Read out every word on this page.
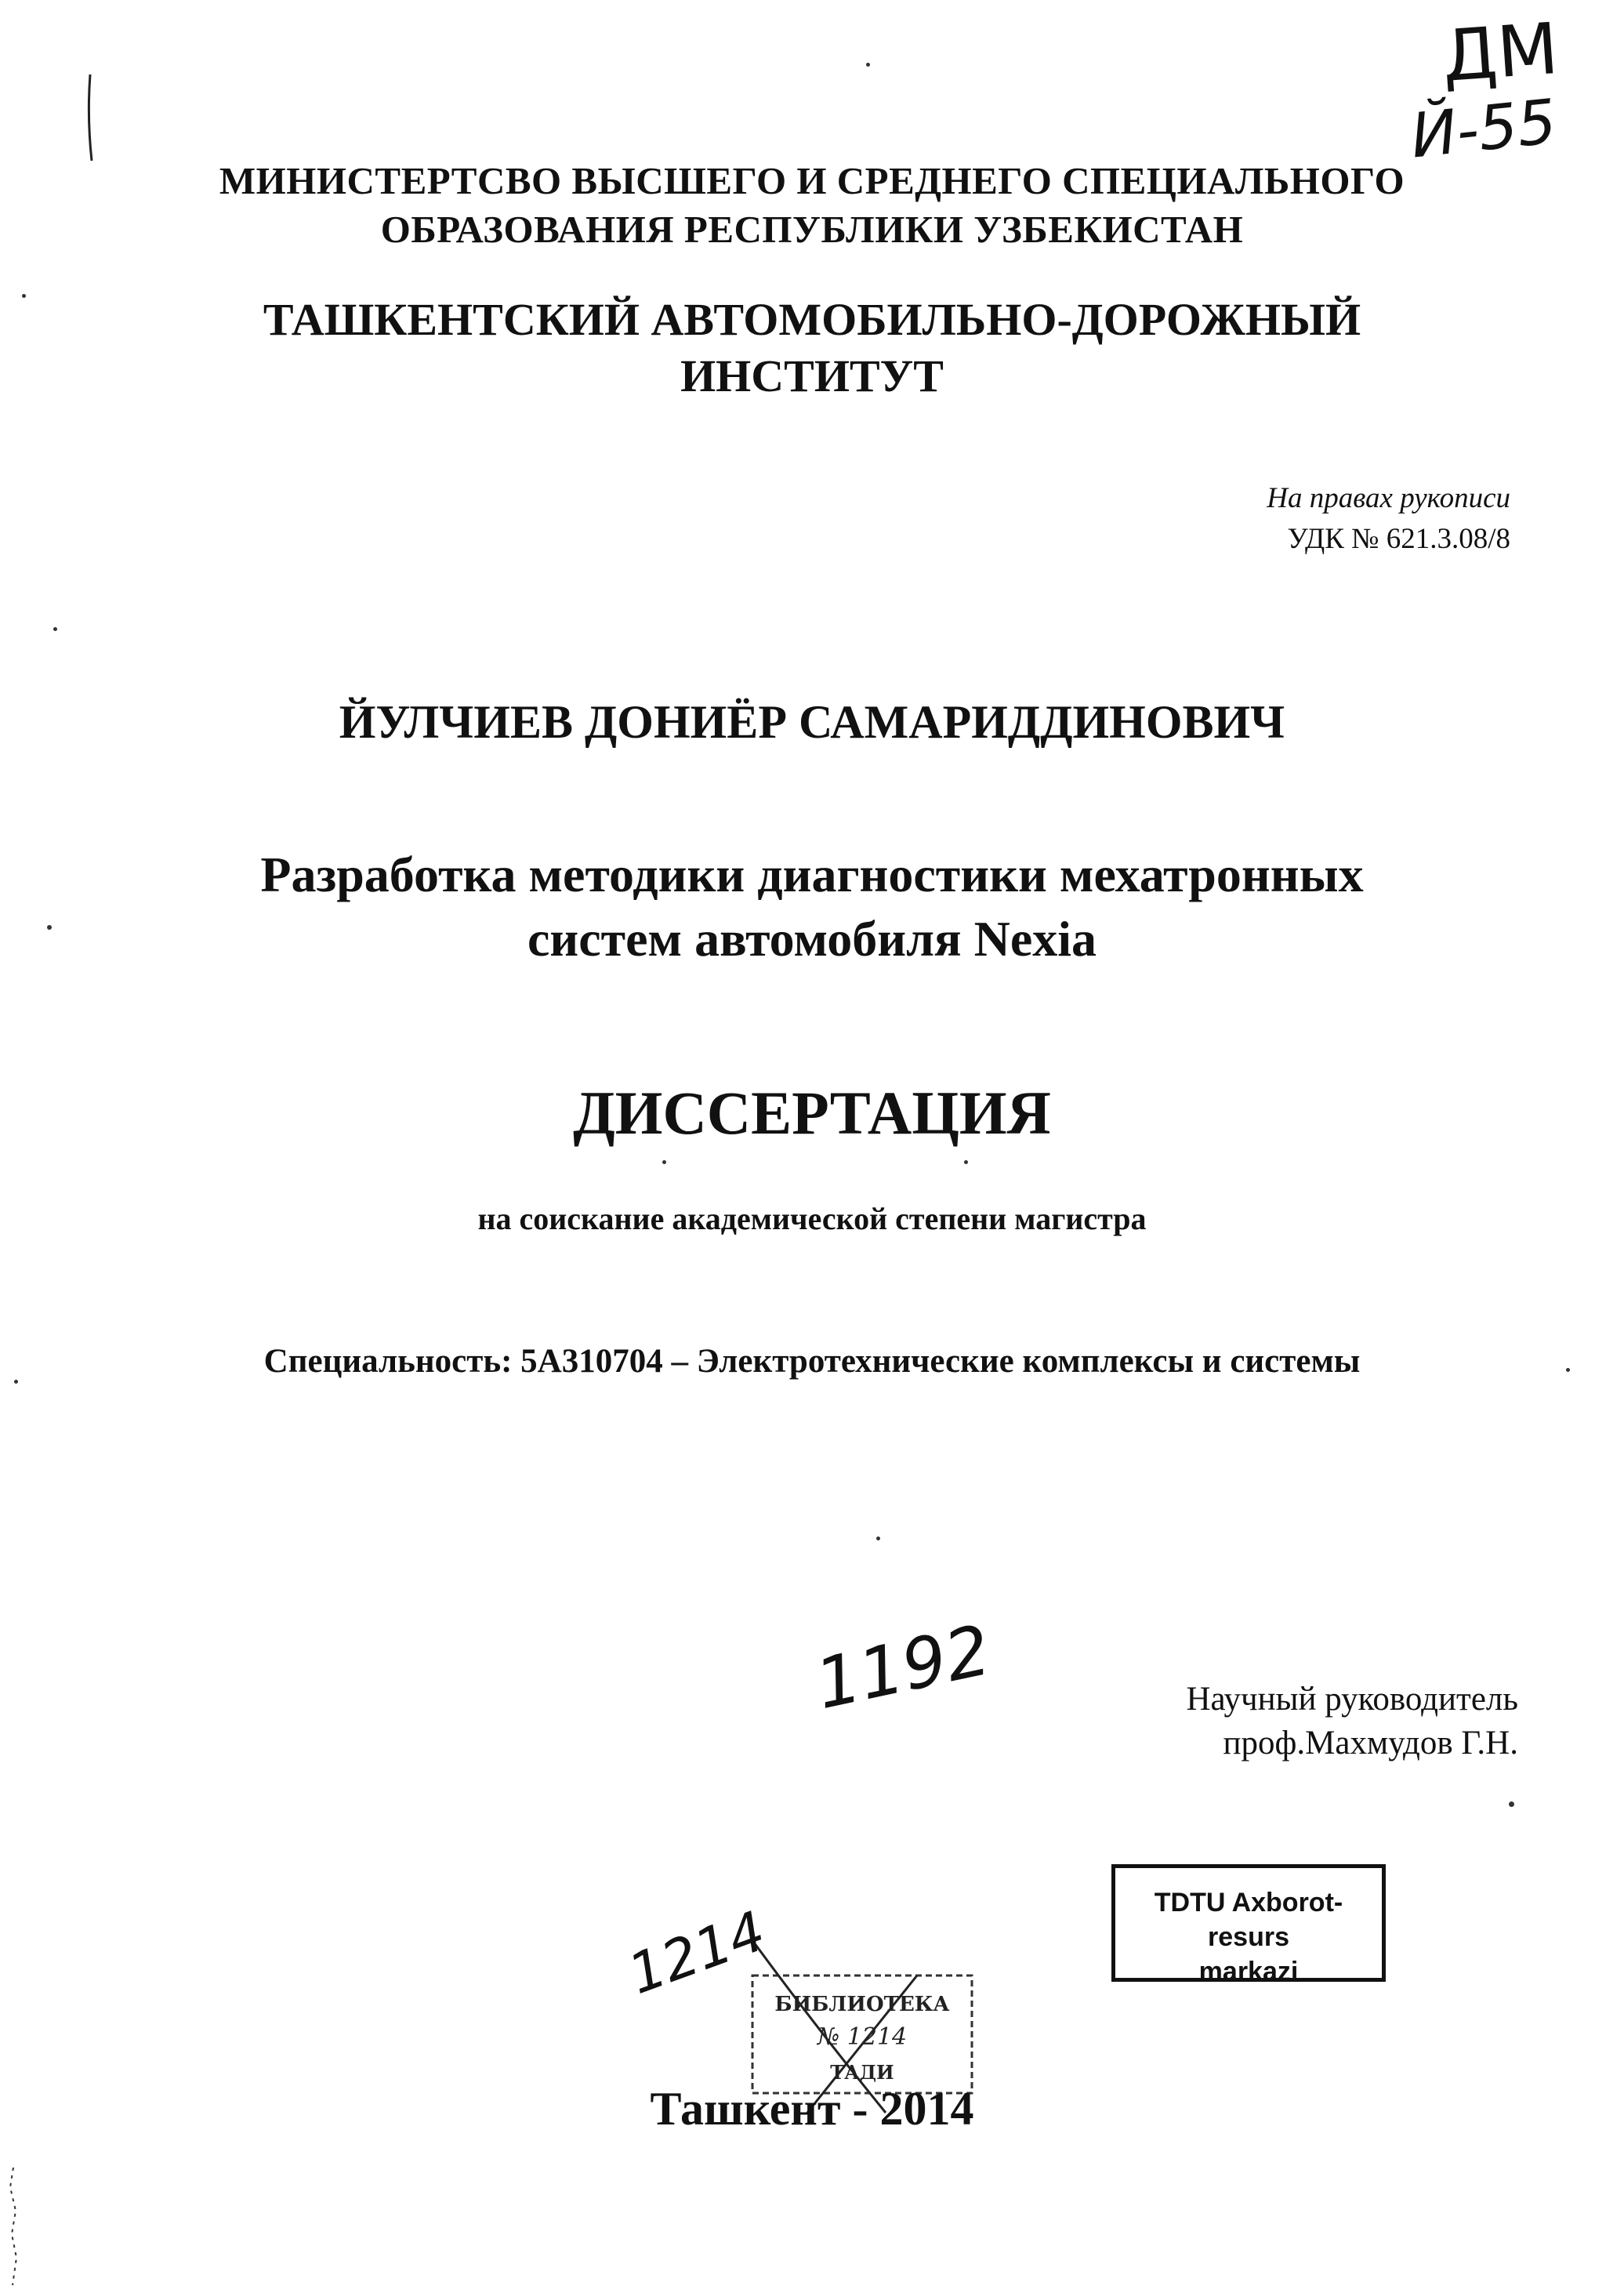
ДМ
Й-55
МИНИСТЕРТСВО ВЫСШЕГО И СРЕДНЕГО СПЕЦИАЛЬНОГО
ОБРАЗОВАНИЯ РЕСПУБЛИКИ УЗБЕКИСТАН
ТАШКЕНТСКИЙ АВТОМОБИЛЬНО-ДОРОЖНЫЙ
ИНСТИТУТ
На правах рукописи
УДК № 621.3.08/8
ЙУЛЧИЕВ ДОНИЁР САМАРИДДИНОВИЧ
Разработка методики диагностики мехатронных
систем автомобиля Nexia
ДИССЕРТАЦИЯ
на соискание академической степени магистра
Специальность: 5А310704 – Электротехнические комплексы и системы
1192	Научный руководитель
проф.Махмудов Г.Н.
TDTU Axborot-resurs
markazi
БИБЛИОТЕКА
№ 1214
ТАДИ
1214
Ташкент - 2014
